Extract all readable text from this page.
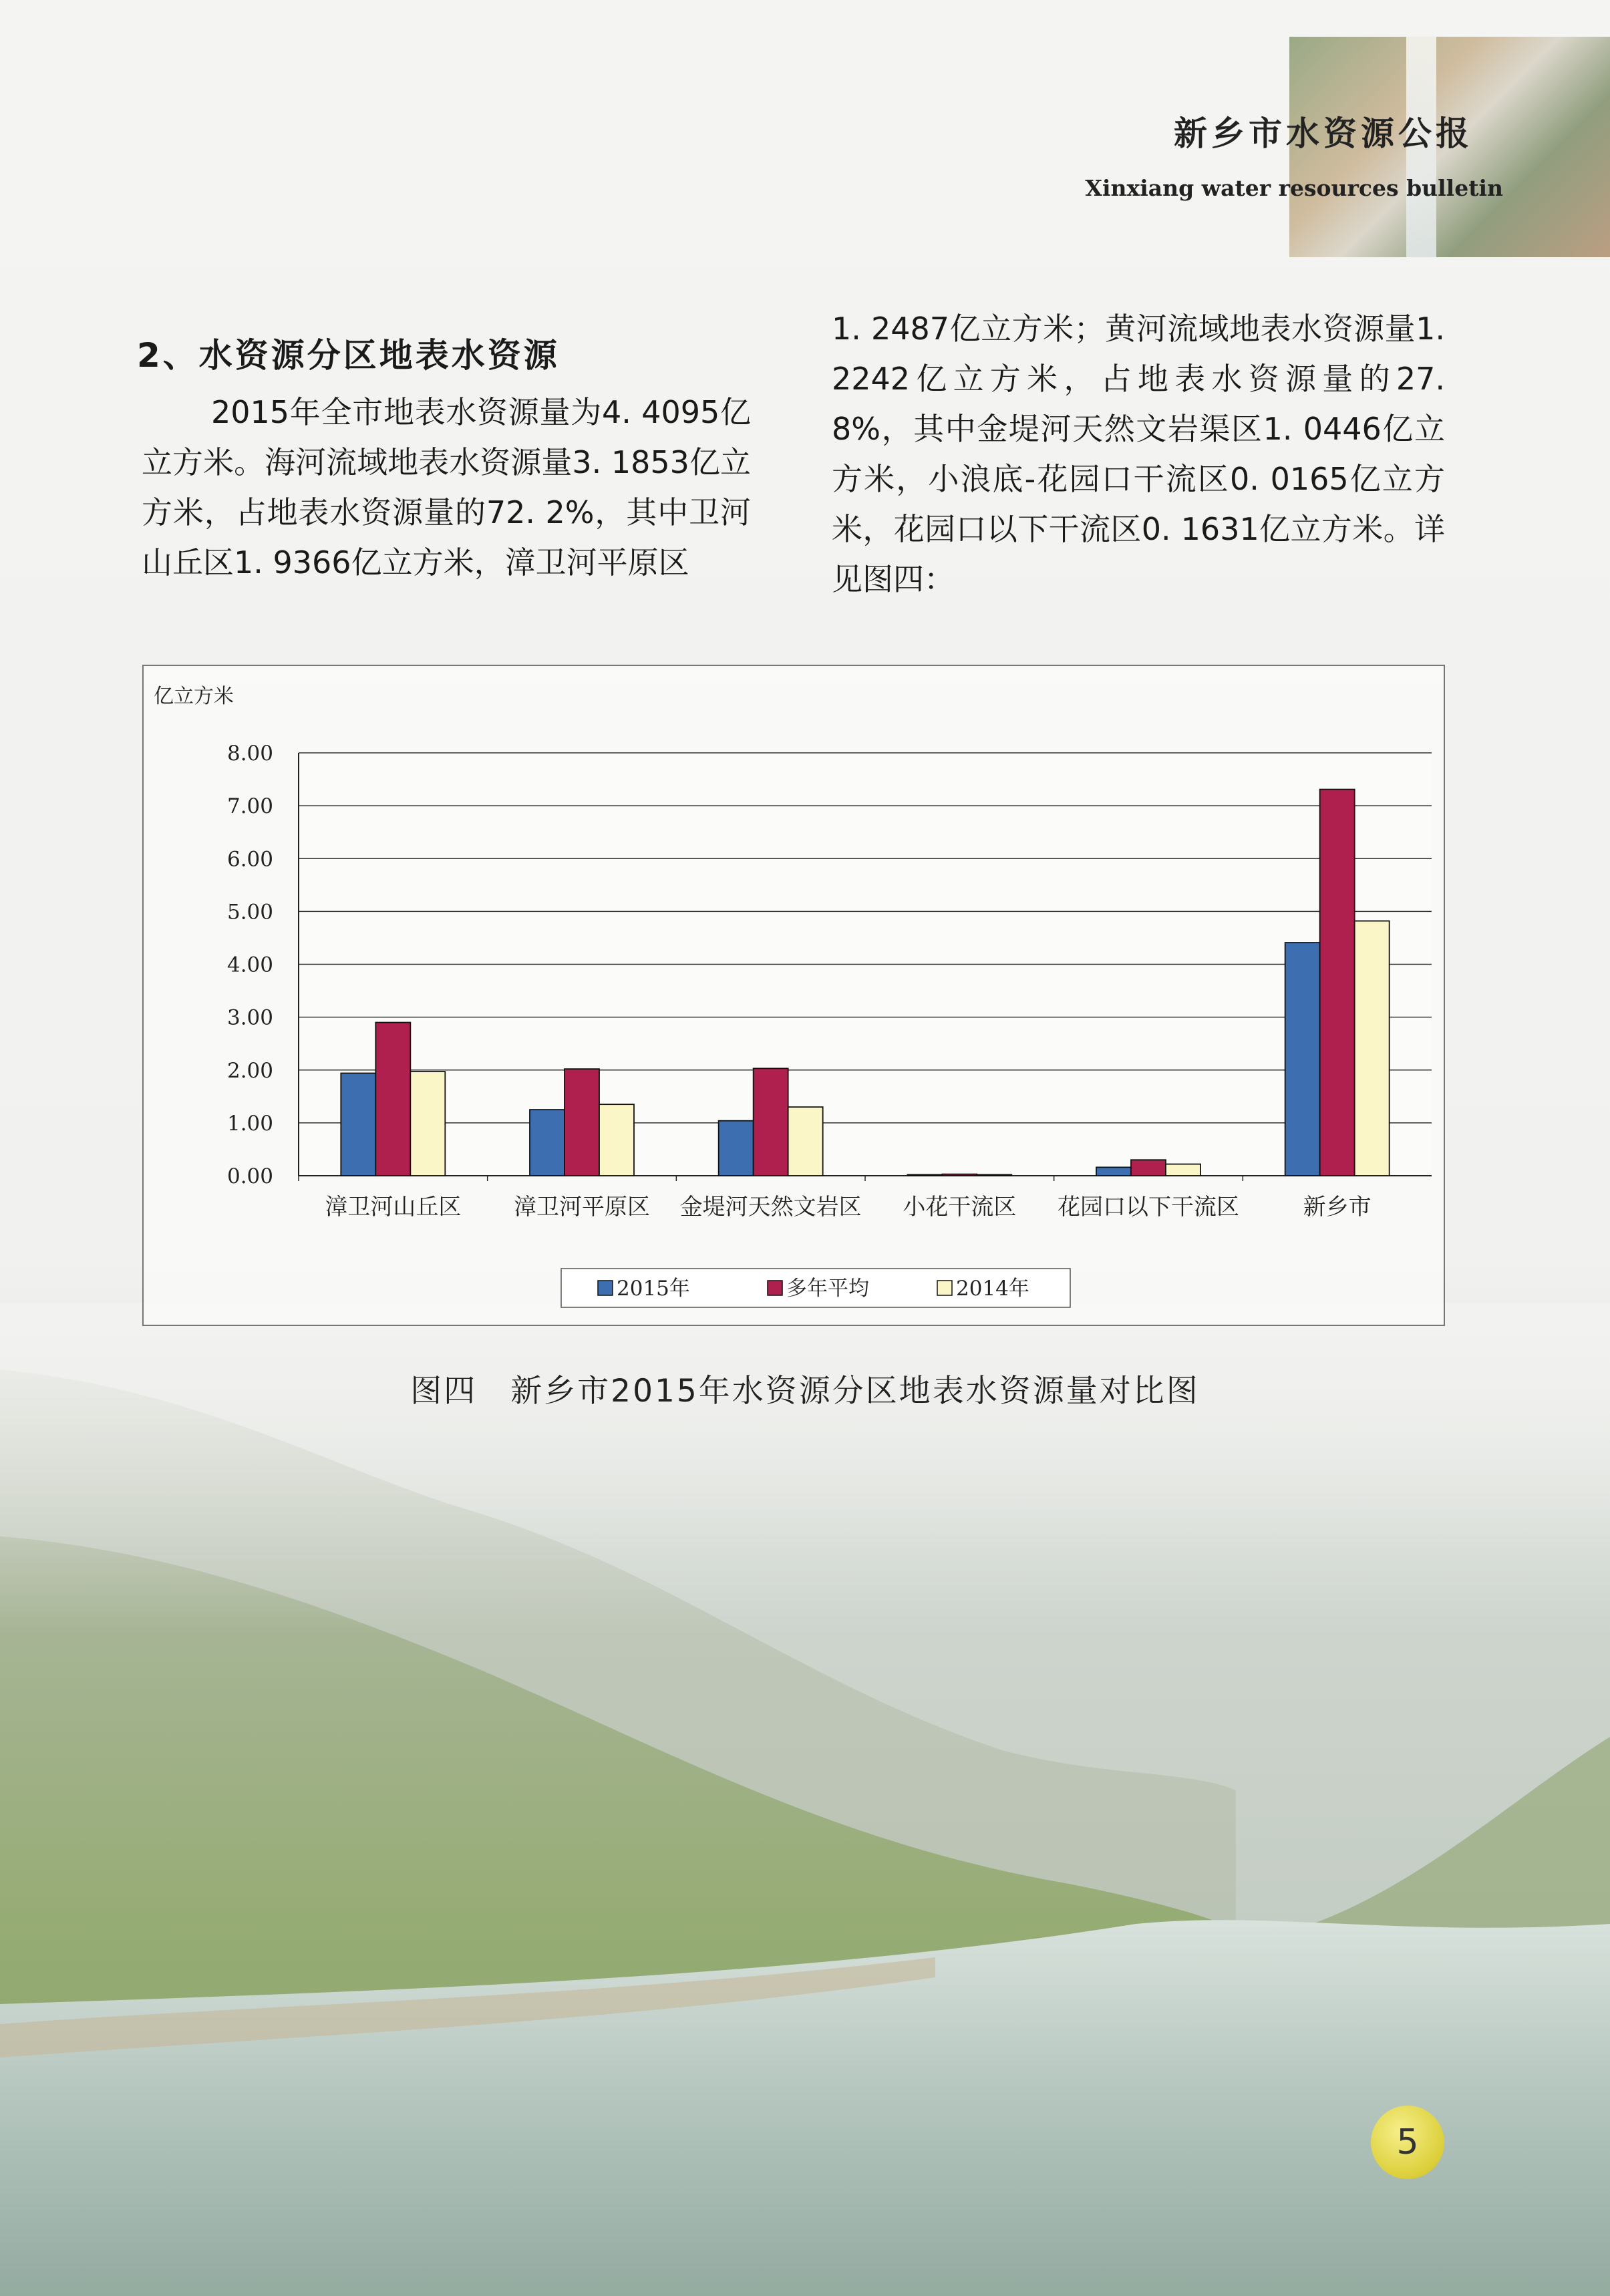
新乡市水资源公报
Xinxiang water resources bulletin
2、水资源分区地表水资源

2015年全市地表水资源量为4. 4095亿立方米。海河流域地表水资源量3. 1853亿立方米，占地表水资源量的72. 2%，其中卫河山丘区1. 9366亿立方米，漳卫河平原区

1. 2487亿立方米；黄河流域地表水资源量1. 2242亿立方米，占地表水资源量的27. 8%，其中金堤河天然文岩渠区1. 0446亿立方米，小浪底-花园口干流区0. 0165亿立方米，花园口以下干流区0. 1631亿立方米。详见图四：

亿立方米
0.00
1.00
2.00
3.00
4.00
5.00
6.00
7.00
8.00
漳卫河山丘区 漳卫河平原区 金堤河天然文岩区 小花干流区 花园口以下干流区	新乡市
2015年	多年平均	2014年
图四　新乡市2015年水资源分区地表水资源量对比图
5
